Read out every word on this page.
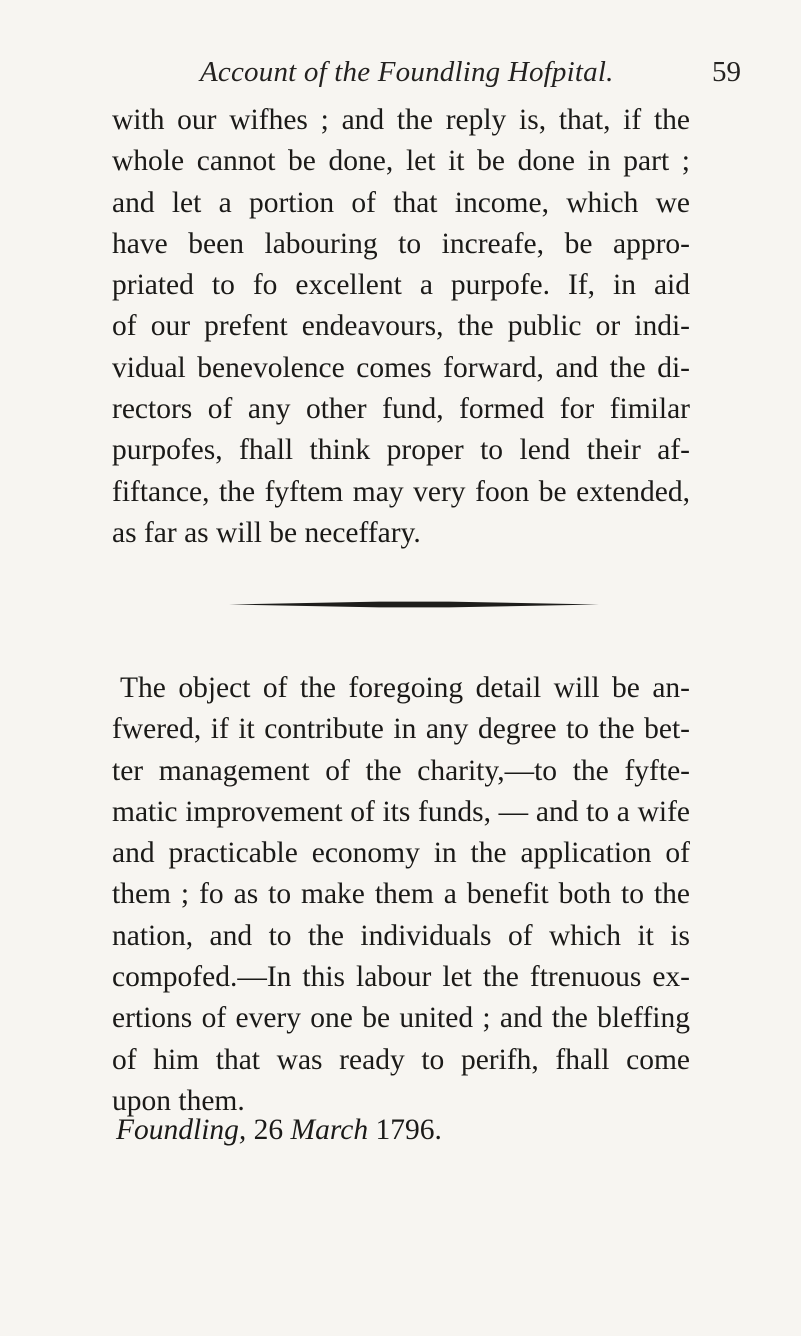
Account of the Foundling Hofpital.	59
with our wifhes ; and the reply is, that, if the
whole cannot be done, let it be done in part ;
and let a portion of that income, which we
have been labouring to increafe, be appro-
priated to fo excellent a purpofe. If, in aid
of our prefent endeavours, the public or indi-
vidual benevolence comes forward, and the di-
rectors of any other fund, formed for fimilar
purpofes, fhall think proper to lend their af-
fiftance, the fyftem may very foon be extended,
as far as will be neceffary.
The object of the foregoing detail will be an-
fwered, if it contribute in any degree to the bet-
ter management of the charity,—to the fyfte-
matic improvement of its funds, — and to a wife
and practicable economy in the application of
them ; fo as to make them a benefit both to the
nation, and to the individuals of which it is
compofed.—In this labour let the ftrenuous ex-
ertions of every one be united ; and the bleffing
of him that was ready to perifh, fhall come
upon them.
Foundling, 26 March 1796.
